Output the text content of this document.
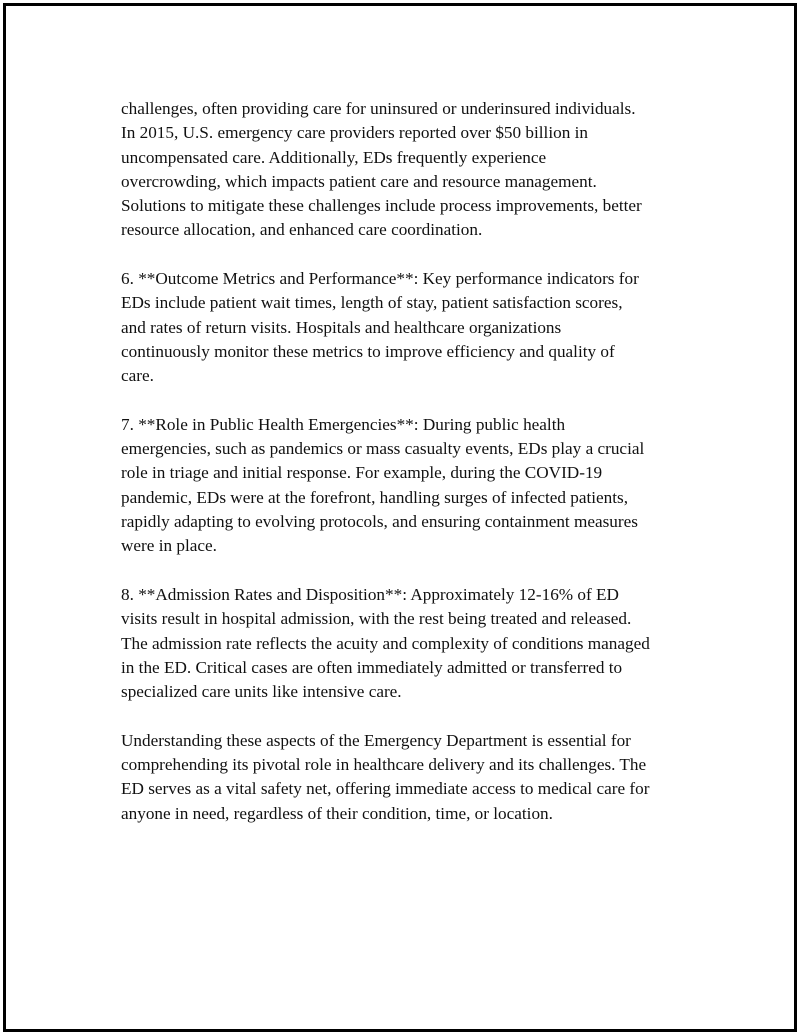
challenges, often providing care for uninsured or underinsured individuals.
In 2015, U.S. emergency care providers reported over $50 billion in
uncompensated care. Additionally, EDs frequently experience
overcrowding, which impacts patient care and resource management.
Solutions to mitigate these challenges include process improvements, better
resource allocation, and enhanced care coordination.

6. **Outcome Metrics and Performance**: Key performance indicators for
EDs include patient wait times, length of stay, patient satisfaction scores,
and rates of return visits. Hospitals and healthcare organizations
continuously monitor these metrics to improve efficiency and quality of
care.

7. **Role in Public Health Emergencies**: During public health
emergencies, such as pandemics or mass casualty events, EDs play a crucial
role in triage and initial response. For example, during the COVID-19
pandemic, EDs were at the forefront, handling surges of infected patients,
rapidly adapting to evolving protocols, and ensuring containment measures
were in place.

8. **Admission Rates and Disposition**: Approximately 12-16% of ED
visits result in hospital admission, with the rest being treated and released.
The admission rate reflects the acuity and complexity of conditions managed
in the ED. Critical cases are often immediately admitted or transferred to
specialized care units like intensive care.

Understanding these aspects of the Emergency Department is essential for
comprehending its pivotal role in healthcare delivery and its challenges. The
ED serves as a vital safety net, offering immediate access to medical care for
anyone in need, regardless of their condition, time, or location.
